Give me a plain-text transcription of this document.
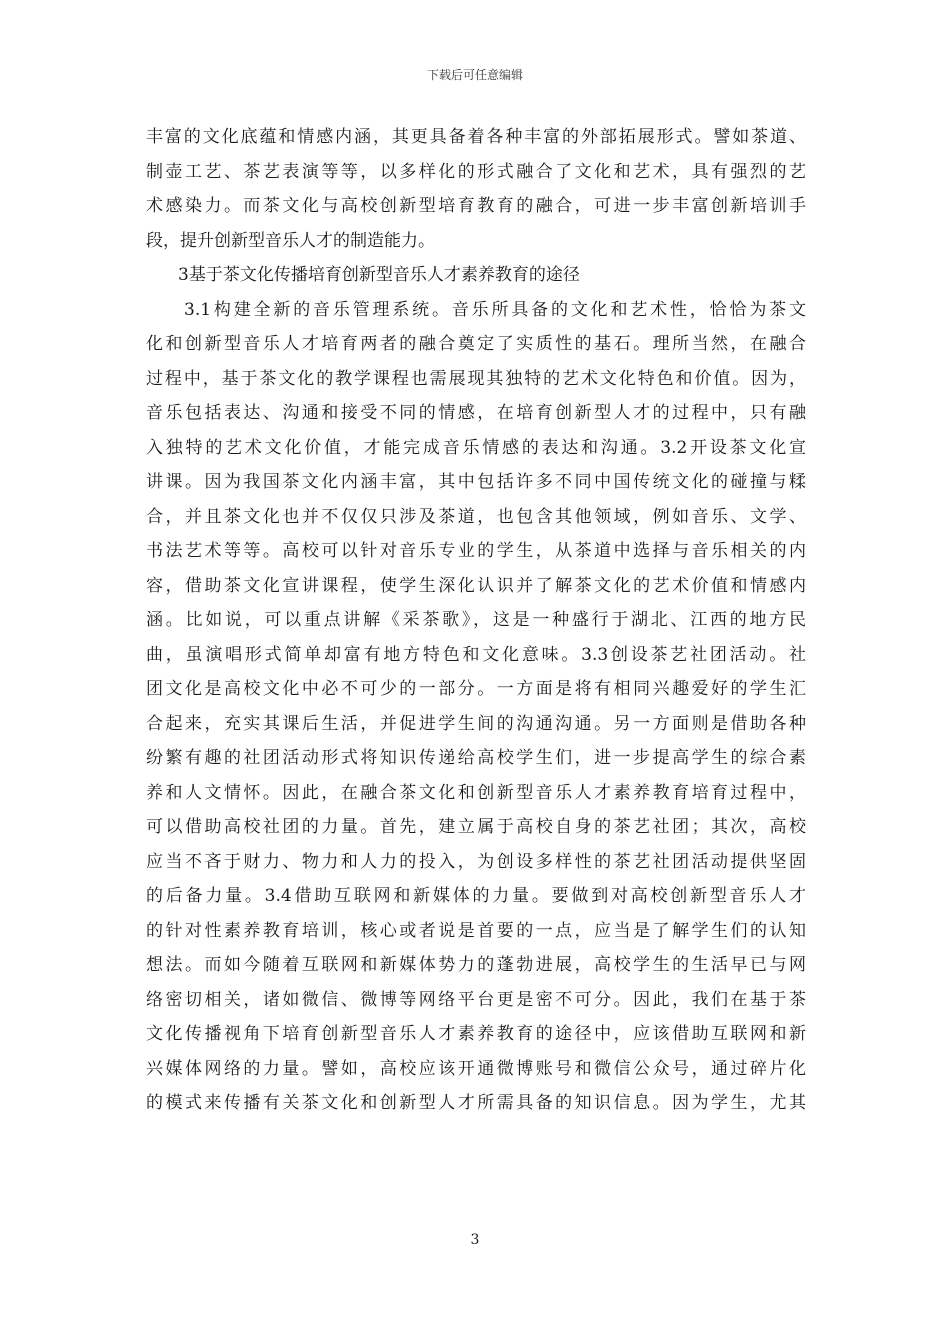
下载后可任意编辑
丰富的文化底蕴和情感内涵，其更具备着各种丰富的外部拓展形式。譬如茶道、
制壶工艺、茶艺表演等等，以多样化的形式融合了文化和艺术，具有强烈的艺
术感染力。而茶文化与高校创新型培育教育的融合，可进一步丰富创新培训手
段，提升创新型音乐人才的制造能力。
3基于茶文化传播培育创新型音乐人才素养教育的途径
3.1构建全新的音乐管理系统。音乐所具备的文化和艺术性，恰恰为茶文
化和创新型音乐人才培育两者的融合奠定了实质性的基石。理所当然，在融合
过程中，基于茶文化的教学课程也需展现其独特的艺术文化特色和价值。因为，
音乐包括表达、沟通和接受不同的情感，在培育创新型人才的过程中，只有融
入独特的艺术文化价值，才能完成音乐情感的表达和沟通。3.2开设茶文化宣
讲课。因为我国茶文化内涵丰富，其中包括许多不同中国传统文化的碰撞与糅
合，并且茶文化也并不仅仅只涉及茶道，也包含其他领域，例如音乐、文学、
书法艺术等等。高校可以针对音乐专业的学生，从茶道中选择与音乐相关的内
容，借助茶文化宣讲课程，使学生深化认识并了解茶文化的艺术价值和情感内
涵。比如说，可以重点讲解《采茶歌》，这是一种盛行于湖北、江西的地方民
曲，虽演唱形式简单却富有地方特色和文化意味。3.3创设茶艺社团活动。社
团文化是高校文化中必不可少的一部分。一方面是将有相同兴趣爱好的学生汇
合起来，充实其课后生活，并促进学生间的沟通沟通。另一方面则是借助各种
纷繁有趣的社团活动形式将知识传递给高校学生们，进一步提高学生的综合素
养和人文情怀。因此，在融合茶文化和创新型音乐人才素养教育培育过程中，
可以借助高校社团的力量。首先，建立属于高校自身的茶艺社团；其次，高校
应当不吝于财力、物力和人力的投入，为创设多样性的茶艺社团活动提供坚固
的后备力量。3.4借助互联网和新媒体的力量。要做到对高校创新型音乐人才
的针对性素养教育培训，核心或者说是首要的一点，应当是了解学生们的认知
想法。而如今随着互联网和新媒体势力的蓬勃进展，高校学生的生活早已与网
络密切相关，诸如微信、微博等网络平台更是密不可分。因此，我们在基于茶
文化传播视角下培育创新型音乐人才素养教育的途径中，应该借助互联网和新
兴媒体网络的力量。譬如，高校应该开通微博账号和微信公众号，通过碎片化
的模式来传播有关茶文化和创新型人才所需具备的知识信息。因为学生，尤其
3
